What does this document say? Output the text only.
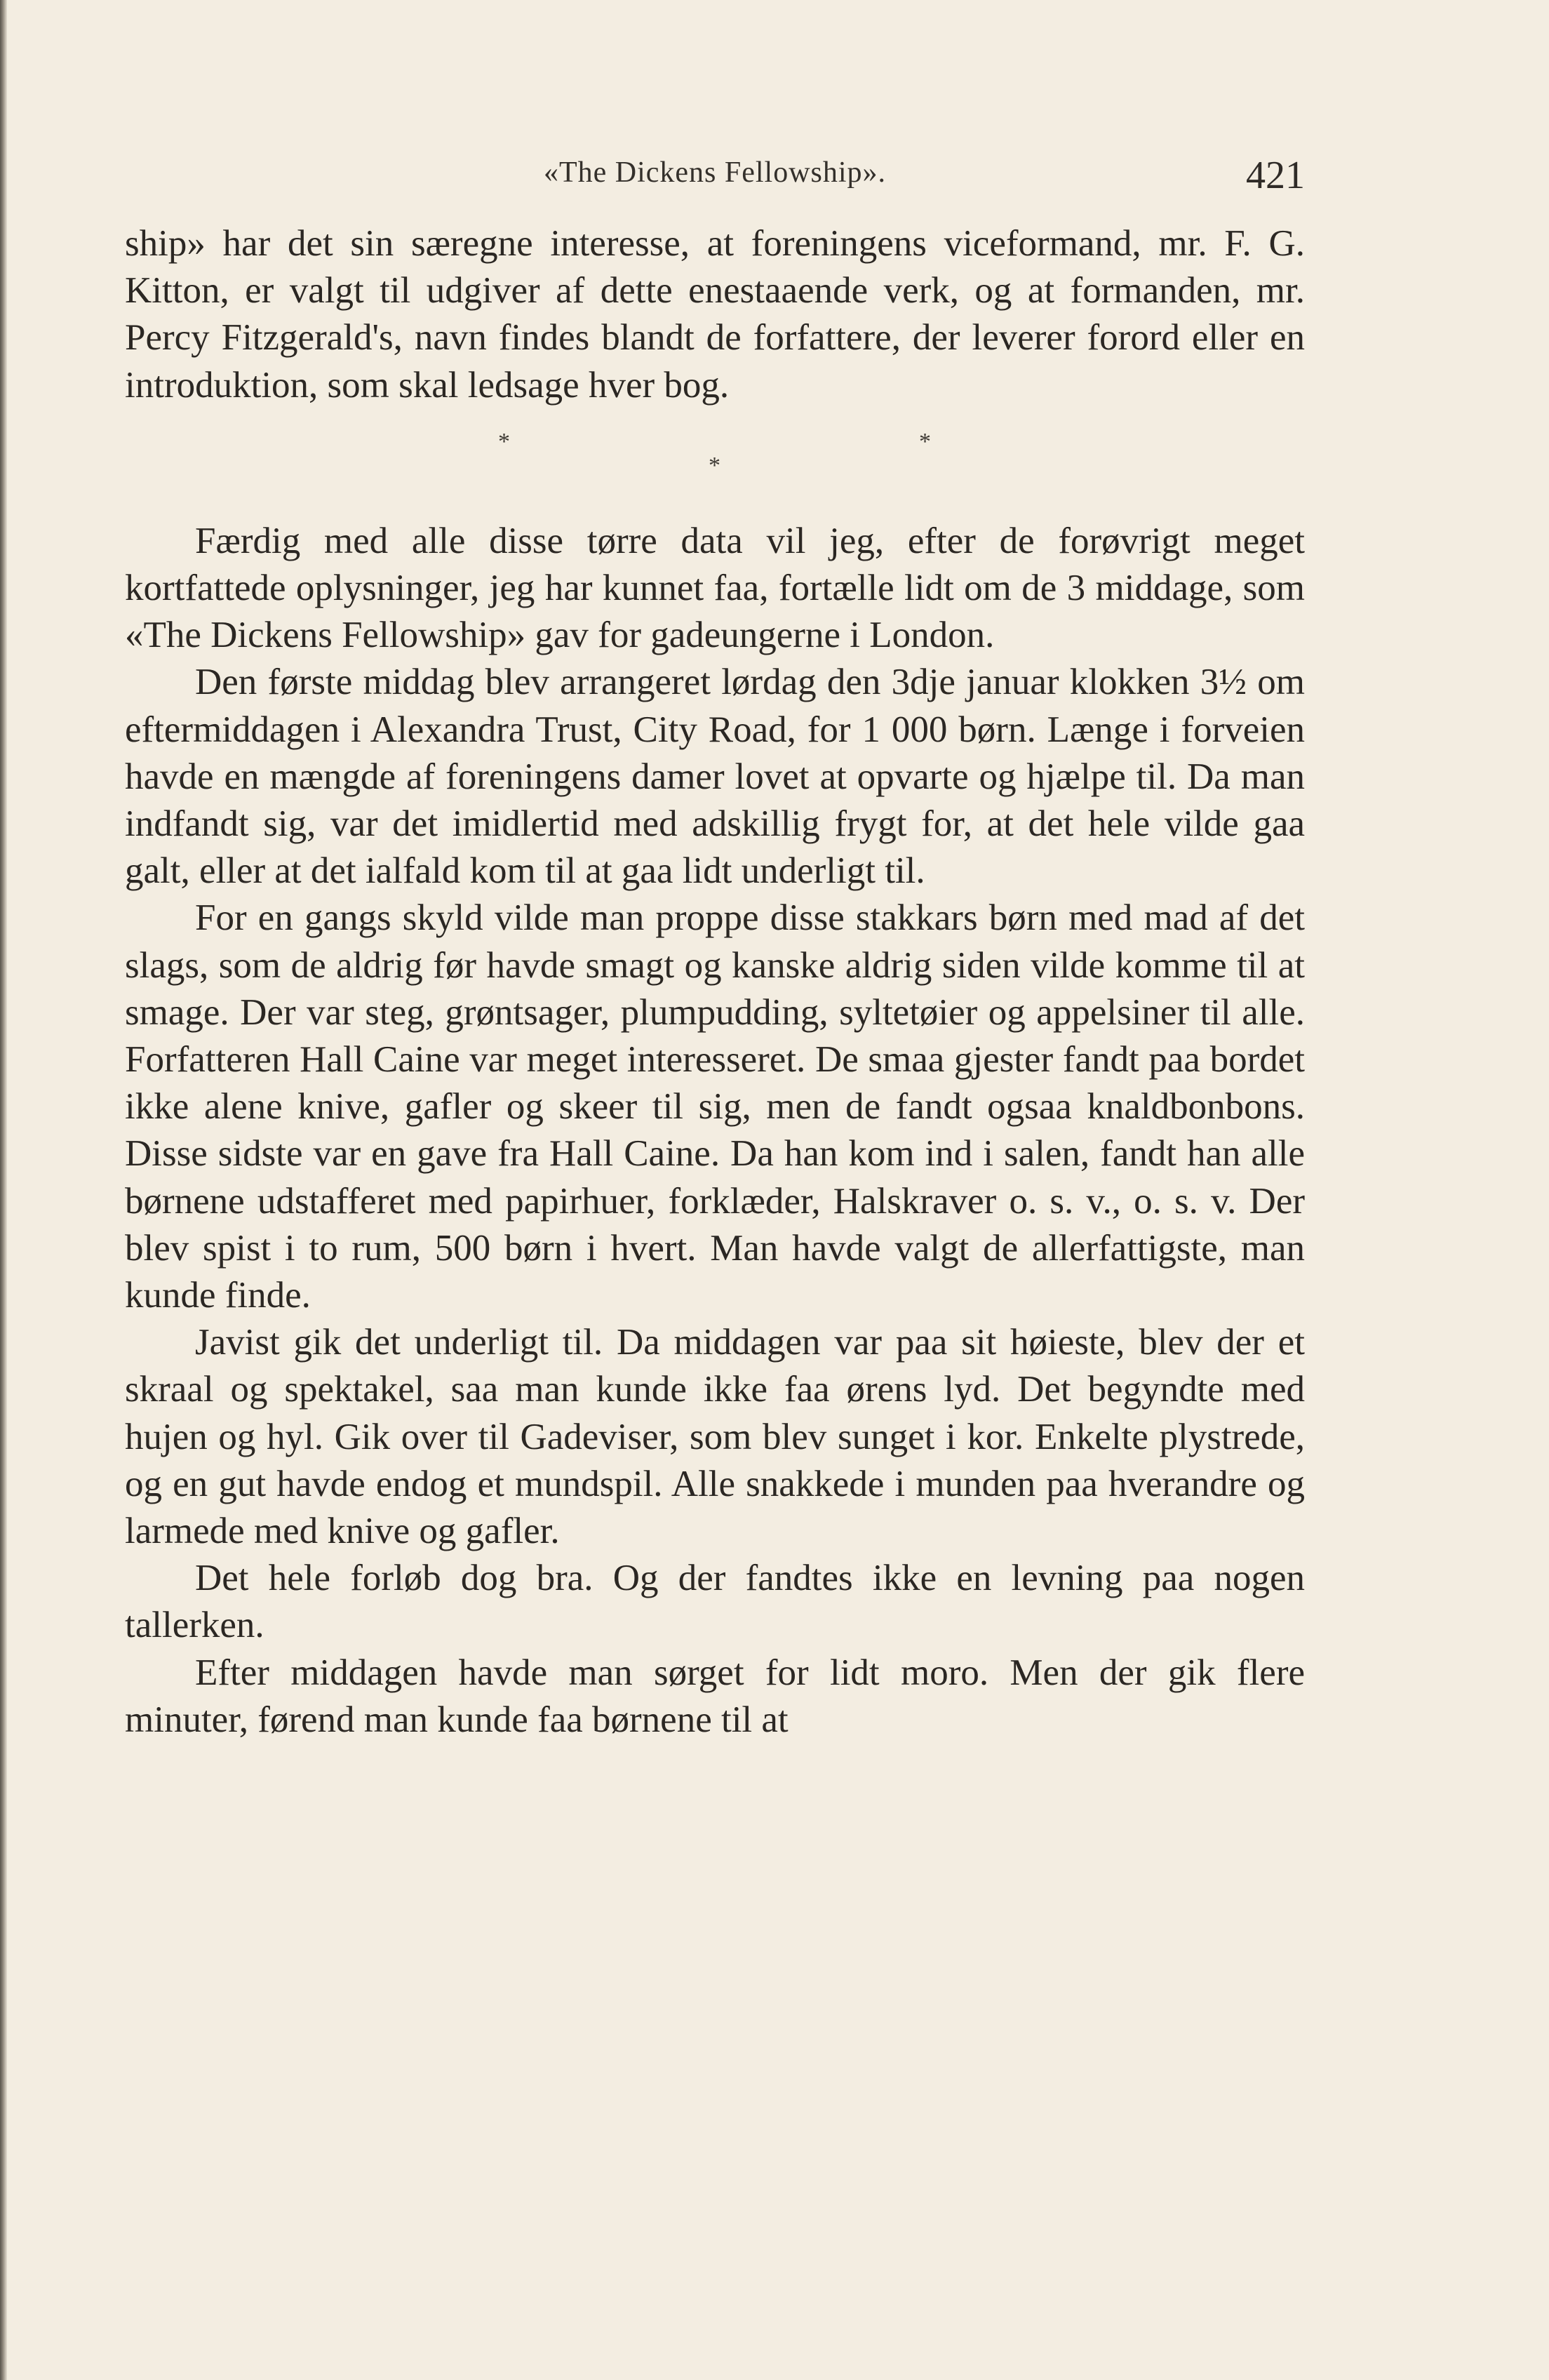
«The Dickens Fellowship».	421

ship» har det sin særegne interesse, at foreningens viceformand, mr. F. G. Kitton, er valgt til udgiver af dette enestaaende verk, og at formanden, mr. Percy Fitzgerald's, navn findes blandt de forfattere, der leverer forord eller en introduktion, som skal ledsage hver bog.

*	*
*

Færdig med alle disse tørre data vil jeg, efter de forøvrigt meget kortfattede oplysninger, jeg har kunnet faa, fortælle lidt om de 3 middage, som «The Dickens Fellowship» gav for gadeungerne i London.

Den første middag blev arrangeret lørdag den 3dje januar klokken 3½ om eftermiddagen i Alexandra Trust, City Road, for 1 000 børn. Længe i forveien havde en mængde af foreningens damer lovet at opvarte og hjælpe til. Da man indfandt sig, var det imidlertid med adskillig frygt for, at det hele vilde gaa galt, eller at det ialfald kom til at gaa lidt underligt til.

For en gangs skyld vilde man proppe disse stakkars børn med mad af det slags, som de aldrig før havde smagt og kanske aldrig siden vilde komme til at smage. Der var steg, grøntsager, plumpudding, syltetøier og appelsiner til alle. Forfatteren Hall Caine var meget interesseret. De smaa gjester fandt paa bordet ikke alene knive, gafler og skeer til sig, men de fandt ogsaa knaldbonbons. Disse sidste var en gave fra Hall Caine. Da han kom ind i salen, fandt han alle børnene udstafferet med papirhuer, forklæder, Halskraver o. s. v., o. s. v. Der blev spist i to rum, 500 børn i hvert. Man havde valgt de allerfattigste, man kunde finde.

Javist gik det underligt til. Da middagen var paa sit høieste, blev der et skraal og spektakel, saa man kunde ikke faa ørens lyd. Det begyndte med hujen og hyl. Gik over til Gadeviser, som blev sunget i kor. Enkelte plystrede, og en gut havde endog et mundspil. Alle snakkede i munden paa hverandre og larmede med knive og gafler.

Det hele forløb dog bra. Og der fandtes ikke en levning paa nogen tallerken.

Efter middagen havde man sørget for lidt moro. Men der gik flere minuter, førend man kunde faa børnene til at
